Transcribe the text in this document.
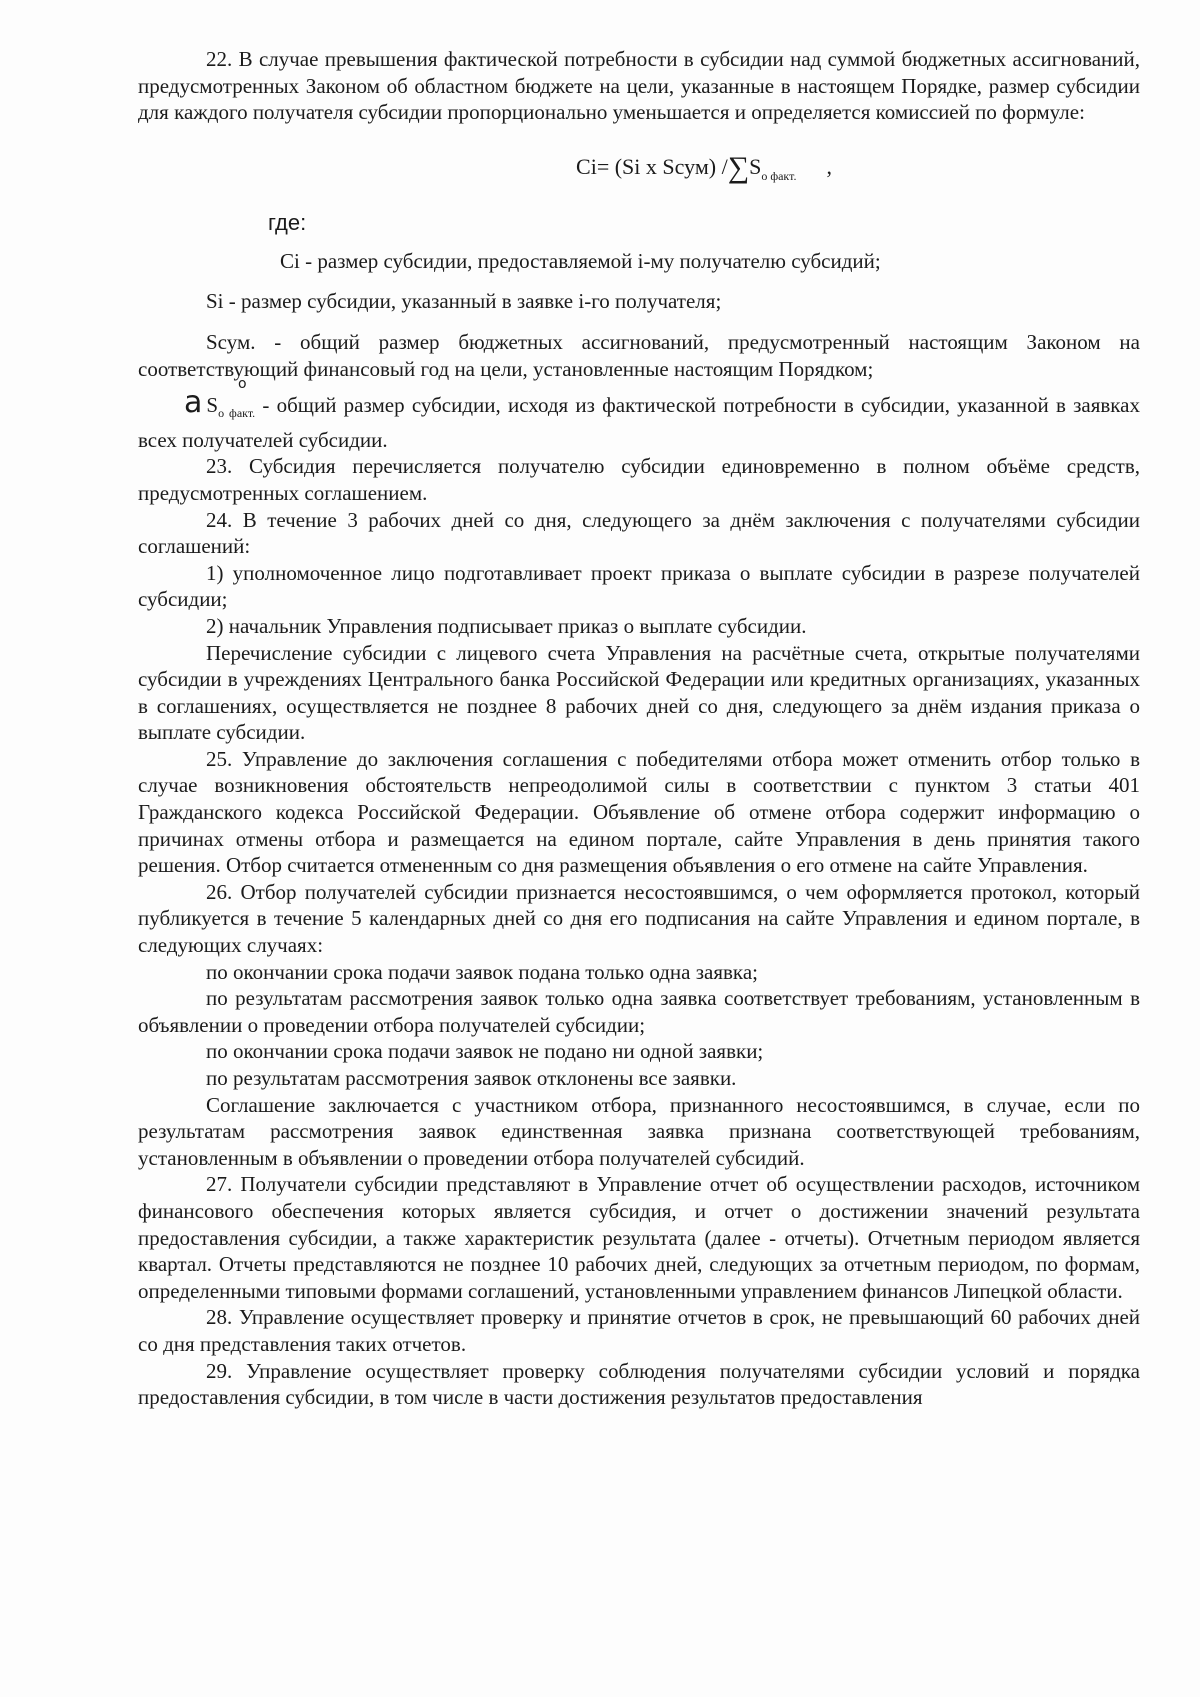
22. В случае превышения фактической потребности в субсидии над суммой бюджетных ассигнований, предусмотренных Законом об областном бюджете на цели, указанные в настоящем Порядке, размер субсидии для каждого получателя субсидии пропорционально уменьшается и определяется комиссией по формуле:

Сi= (Si x Sсум) $/\sum S_{о факт.}$ ,
где:

Сi - размер субсидии, предоставляемой i-му получателю субсидий;

Si - размер субсидии, указанный в заявке i-го получателя;

Sсум. - общий размер бюджетных ассигнований, предусмотренный настоящим Законом на соответствующий финансовый год на цели, установленные настоящим Порядком;

о
а $S_{о факт.}$ - общий размер субсидии, исходя из фактической потребности в субсидии, указанной в заявках всех получателей субсидии.

23. Субсидия перечисляется получателю субсидии единовременно в полном объёме средств, предусмотренных соглашением.

24. В течение 3 рабочих дней со дня, следующего за днём заключения с получателями субсидии соглашений:

1) уполномоченное лицо подготавливает проект приказа о выплате субсидии в разрезе получателей субсидии;

2) начальник Управления подписывает приказ о выплате субсидии.

Перечисление субсидии с лицевого счета Управления на расчётные счета, открытые получателями субсидии в учреждениях Центрального банка Российской Федерации или кредитных организациях, указанных в соглашениях, осуществляется не позднее 8 рабочих дней со дня, следующего за днём издания приказа о выплате субсидии.

25. Управление до заключения соглашения с победителями отбора может отменить отбор только в случае возникновения обстоятельств непреодолимой силы в соответствии с пунктом 3 статьи 401 Гражданского кодекса Российской Федерации. Объявление об отмене отбора содержит информацию о причинах отмены отбора и размещается на едином портале, сайте Управления в день принятия такого решения. Отбор считается отмененным со дня размещения объявления о его отмене на сайте Управления.

26. Отбор получателей субсидии признается несостоявшимся, о чем оформляется протокол, который публикуется в течение 5 календарных дней со дня его подписания на сайте Управления и едином портале, в следующих случаях:

по окончании срока подачи заявок подана только одна заявка;

по результатам рассмотрения заявок только одна заявка соответствует требованиям, установленным в объявлении о проведении отбора получателей субсидии;

по окончании срока подачи заявок не подано ни одной заявки;

по результатам рассмотрения заявок отклонены все заявки.

Соглашение заключается с участником отбора, признанного несостоявшимся, в случае, если по результатам рассмотрения заявок единственная заявка признана соответствующей требованиям, установленным в объявлении о проведении отбора получателей субсидий.

27. Получатели субсидии представляют в Управление отчет об осуществлении расходов, источником финансового обеспечения которых является субсидия, и отчет о достижении значений результата предоставления субсидии, а также характеристик результата (далее - отчеты). Отчетным периодом является квартал. Отчеты представляются не позднее 10 рабочих дней, следующих за отчетным периодом, по формам, определенными типовыми формами соглашений, установленными управлением финансов Липецкой области.

28. Управление осуществляет проверку и принятие отчетов в срок, не превышающий 60 рабочих дней со дня представления таких отчетов.

29. Управление осуществляет проверку соблюдения получателями субсидии условий и порядка предоставления субсидии, в том числе в части достижения результатов предоставления
